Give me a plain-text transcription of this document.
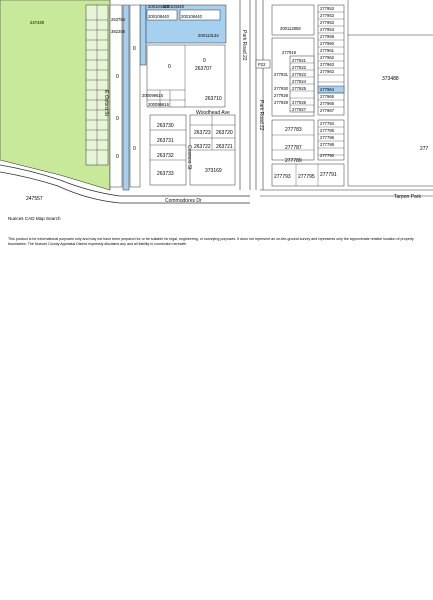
247429
0
0
0
0
0
0
0
263754
382206
200108440	200108440
200104440
200113134
200112858
277919
277921
277922
277923
277924
277925
277926
277927
277928
277929
277930
277931
277953
277953
277953
277953
277959
277960
277961
277962
277963
277963
277964
277965
277966
277967
373488
200099615
200099616
263707
263710
263730
263731
263732
263733
263720
263721
263722
263723
373169
277783
277784
277785
277786
277788
277787
277789
277790
277791
277793 277795
277
247557
200104440
E Oxford St	Woodhead Ave
Park Road 22
Cosmos St
Commodores Dr
Tarpon Park
P22
Park Road 22
Nueces CAD Map Search
This product is for informational purposes only and may not have been prepared for or be suitable for legal, engineering, or surveying purposes. It does not represent an on-the-ground survey and represents only the approximate relative location of property boundaries. The Nueces County Appraisal District expressly disclaims any and all liability in connection herewith.
